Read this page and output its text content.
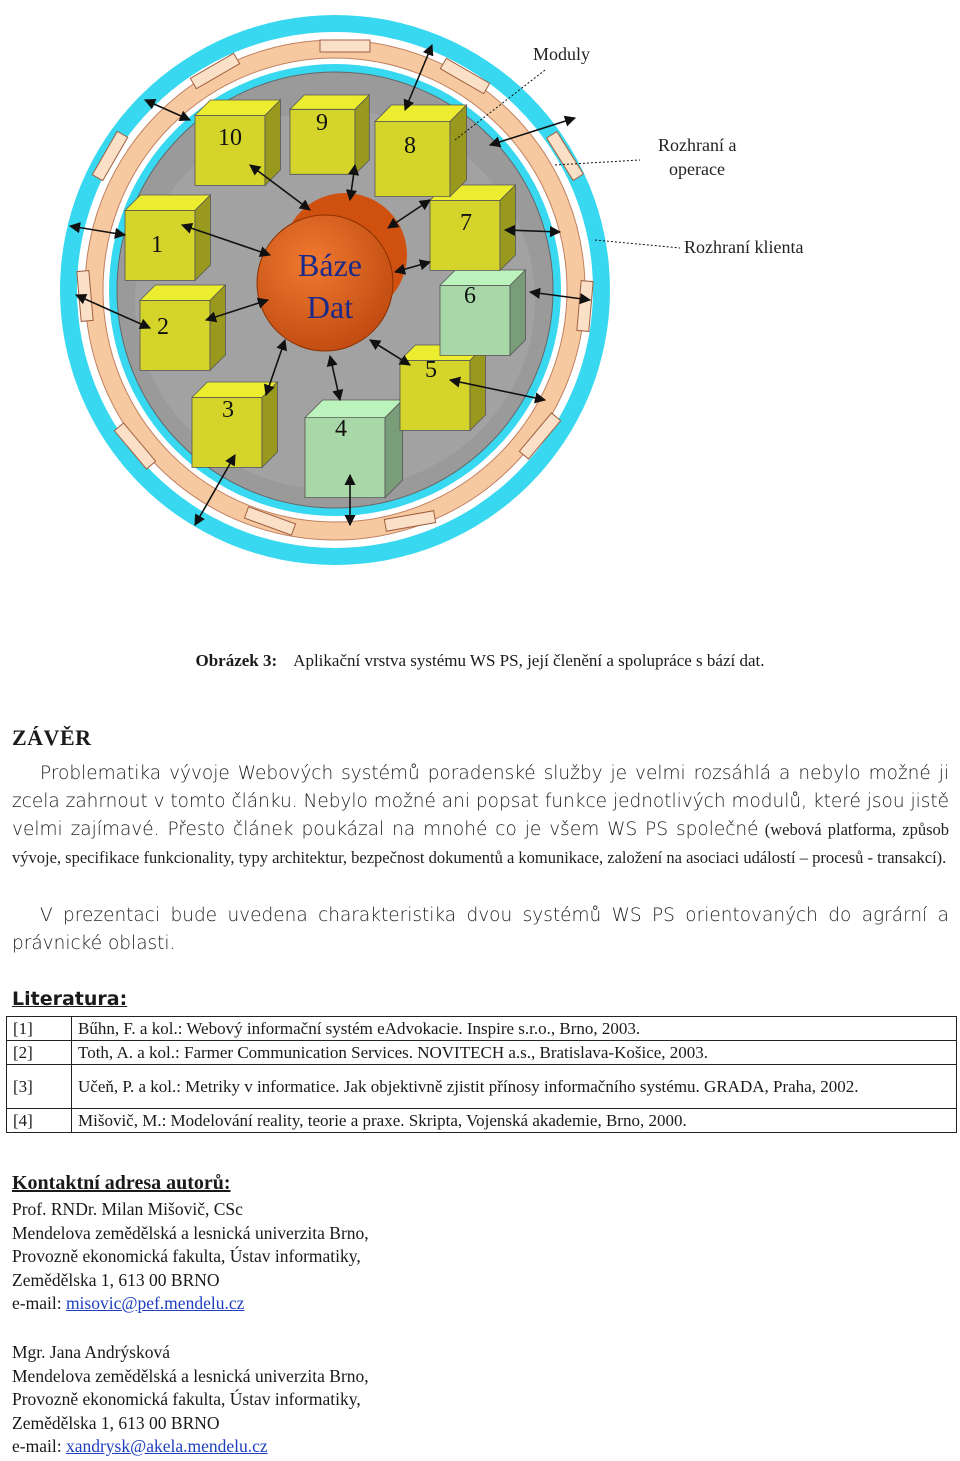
Báze
Dat
1
2
3
4
5
6
7
8
9
10
Moduly
Rozhraní a
operace
Rozhraní klienta
Obrázek 3: Aplikační vrstva systému WS PS, její členění a spolupráce s bází dat.
ZÁVĚR
Problematika vývoje Webových systémů poradenské služby je velmi rozsáhlá a nebylo možné ji zcela zahrnout v tomto článku. Nebylo možné ani popsat funkce jednotlivých modulů, které jsou jistě velmi zajímavé. Přesto článek poukázal na mnohé co je všem WS PS společné (webová platforma, způsob vývoje, specifikace funkcionality, typy architektur, bezpečnost dokumentů a komunikace, založení na asociaci událostí – procesů - transakcí).
V prezentaci bude uvedena charakteristika dvou systémů WS PS orientovaných do agrární a právnické oblasti.
Literatura:
[1]	Bűhn, F. a kol.: Webový informační systém eAdvokacie. Inspire s.r.o., Brno, 2003.
[2]	Toth, A. a kol.: Farmer Communication Services. NOVITECH a.s., Bratislava-Košice, 2003.
[3]	Učeň, P. a kol.: Metriky v informatice. Jak objektivně zjistit přínosy informačního systému. GRADA, Praha, 2002.
[4]	Mišovič, M.: Modelování reality, teorie a praxe. Skripta, Vojenská akademie, Brno, 2000.
Kontaktní adresa autorů:
Prof. RNDr. Milan Mišovič, CSc
Mendelova zemědělská a lesnická univerzita Brno,
Provozně ekonomická fakulta, Ústav informatiky,
Zemědělska 1, 613 00 BRNO
e-mail: misovic@pef.mendelu.cz
Mgr. Jana Andrýsková
Mendelova zemědělská a lesnická univerzita Brno,
Provozně ekonomická fakulta, Ústav informatiky,
Zemědělska 1, 613 00 BRNO
e-mail: xandrysk@akela.mendelu.cz
